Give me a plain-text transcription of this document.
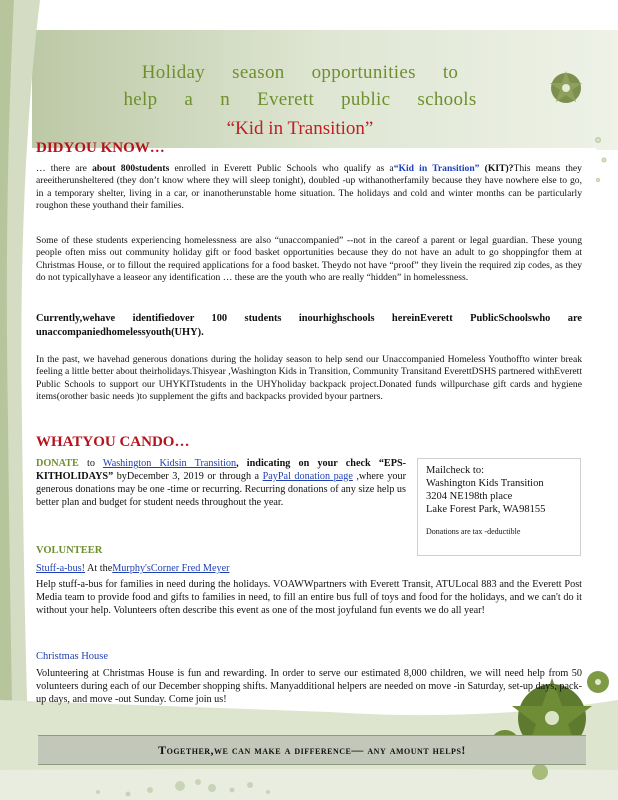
Holiday season opportunities to
help a n Everett public schools
“Kid in Transition”
DIDYOU KNOW…
… there are about 800students enrolled in Everett Public Schools who qualify as a“Kid in Transition” (KIT)?This means they areeitherunsheltered (they don’t know where they will sleep tonight), doubled -up withanotherfamily because they have nowhere else to go, in a temporary shelter, living in a car, or inanotherunstable home situation. The holidays and cold and winter months can be particularly roughon these youthand their families.
Some of these students experiencing homelessness are also “unaccompanied” --not in the careof a parent or legal guardian. These young people often miss out community holiday gift or food basket opportunities because they do not have an adult to go shoppingfor them at Christmas House, or to fillout the required applications for a food basket. Theydo not have “proof” they livein the required zip codes, as they do not typicallyhave a leaseor any identification … these are the youth who are really “hidden” in homelessness.
Currently,wehave identifiedover 100 students inourhighschools hereinEverett PublicSchoolswho are unaccompaniedhomelessyouth(UHY).
In the past, we havehad generous donations during the holiday season to help send our Unaccompanied Homeless Youthoffto winter break feeling a little better about theirholidays.Thisyear ,Washington Kids in Transition, Community Transitand EverettDSHS partnered withEverett Public Schools to support our UHYKITstudents in the UHYholiday backpack project.Donated funds willpurchase gift cards and hygiene items(orother basic needs )to supplement the gifts and backpacks provided byour partners.
WHATYOU CANDO…
DONATE to Washington Kidsin Transition, indicating on your check “EPS-KITHOLIDAYS” byDecember 3, 2019 or through a PayPal donation page ,where your generous donations may be one -time or recurring. Recurring donations of any size help us better plan and budget for student needs throughout the year.
Mailcheck to:
Washington Kids Transition
3204 NE198th place
Lake Forest Park, WA98155
Donations are tax -deductible
VOLUNTEER
Stuff-a-bus! At theMurphy'sCorner Fred Meyer
Help stuff-a-bus for families in need during the holidays. VOAWWpartners with Everett Transit, ATULocal 883 and the Everett Post Media team to provide food and gifts to families in need, to fill an entire bus full of toys and food for the holidays, and we can't do it without your help. Volunteers often describe this event as one of the most joyfuland fun events we do all year!
Christmas House
Volunteering at Christmas House is fun and rewarding. In order to serve our estimated 8,000 children, we will need help from 50 volunteers during each of our December shopping shifts. Manyadditional helpers are needed on move -in Saturday, set-up days, pack-up days, and move -out Sunday. Come join us!
Together,we can make a difference— any amount helps!
